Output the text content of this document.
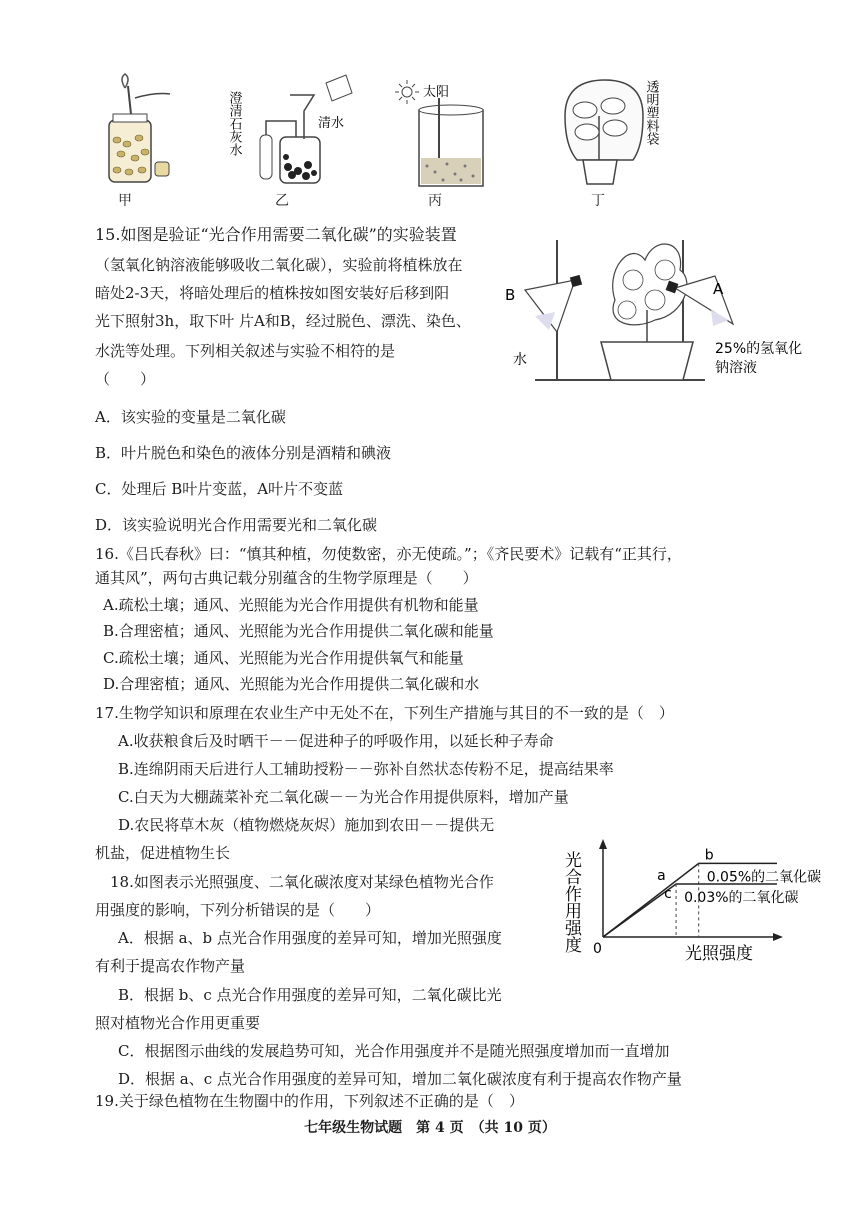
甲
澄清石灰水	清水
乙
太阳
丙
透明塑料袋
丁
15.如图是验证“光合作用需要二氧化碳”的实验装置
（氢氧化钠溶液能够吸收二氧化碳），实验前将植株放在
暗处2-3天，将暗处理后的植株按如图安装好后移到阳
光下照射3h，取下叶 片A和B，经过脱色、漂洗、染色、
水洗等处理。下列相关叙述与实验不相符的是
（　　）
B	A
水
25%的氢氧化
钠溶液
A．该实验的变量是二氧化碳
B．叶片脱色和染色的液体分别是酒精和碘液
C．处理后 B叶片变蓝，A叶片不变蓝
D．该实验说明光合作用需要光和二氧化碳
16.《吕氏春秋》曰：“慎其种植，勿使数密，亦无使疏。”；《齐民要术》记载有“正其行，
通其风”，两句古典记载分别蕴含的生物学原理是（　　）
A.疏松土壤；通风、光照能为光合作用提供有机物和能量
B.合理密植；通风、光照能为光合作用提供二氧化碳和能量
C.疏松土壤；通风、光照能为光合作用提供氧气和能量
D.合理密植；通风、光照能为光合作用提供二氧化碳和水
17.生物学知识和原理在农业生产中无处不在，下列生产措施与其目的不一致的是（　）
A.收获粮食后及时晒干－－促进种子的呼吸作用，以延长种子寿命
B.连绵阴雨天后进行人工辅助授粉－－弥补自然状态传粉不足，提高结果率
C.白天为大棚蔬菜补充二氧化碳－－为光合作用提供原料，增加产量
D.农民将草木灰（植物燃烧灰烬）施加到农田－－提供无
机盐，促进植物生长
18.如图表示光照强度、二氧化碳浓度对某绿色植物光合作
用强度的影响，下列分析错误的是（　　）
A．根据 a、b 点光合作用强度的差异可知，增加光照强度
有利于提高农作物产量
B．根据 b、c 点光合作用强度的差异可知，二氧化碳比光
照对植物光合作用更重要
C．根据图示曲线的发展趋势可知，光合作用强度并不是随光照强度增加而一直增加
D．根据 a、c 点光合作用强度的差异可知，增加二氧化碳浓度有利于提高农作物产量
光合作用强度 0	光照强度
0.05%的二氧化碳
0.03%的二氧化碳
a
b
c
19.关于绿色植物在生物圈中的作用，下列叙述不正确的是（　）
七年级生物试题　第 4 页　（共 10 页）
